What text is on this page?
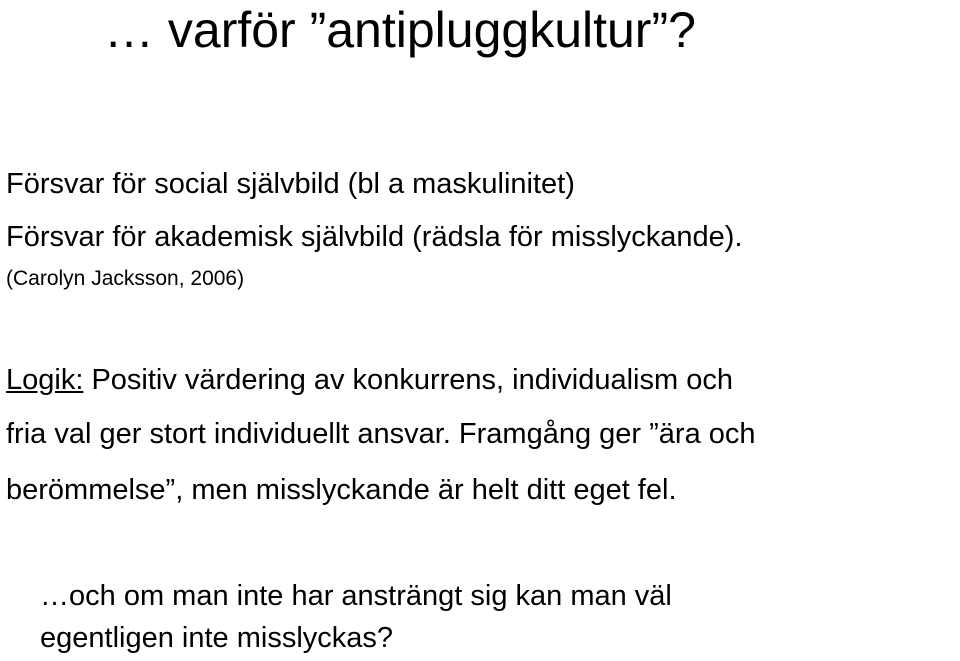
… varför ”antipluggkultur”?

Försvar för social självbild (bl a maskulinitet)

Försvar för akademisk självbild (rädsla för misslyckande).

(Carolyn Jacksson, 2006)

Logik: Positiv värdering av konkurrens, individualism och

fria val ger stort individuellt ansvar. Framgång ger ”ära och

berömmelse”, men misslyckande är helt ditt eget fel.

…och om man inte har ansträngt sig kan man väl

egentligen inte misslyckas?
